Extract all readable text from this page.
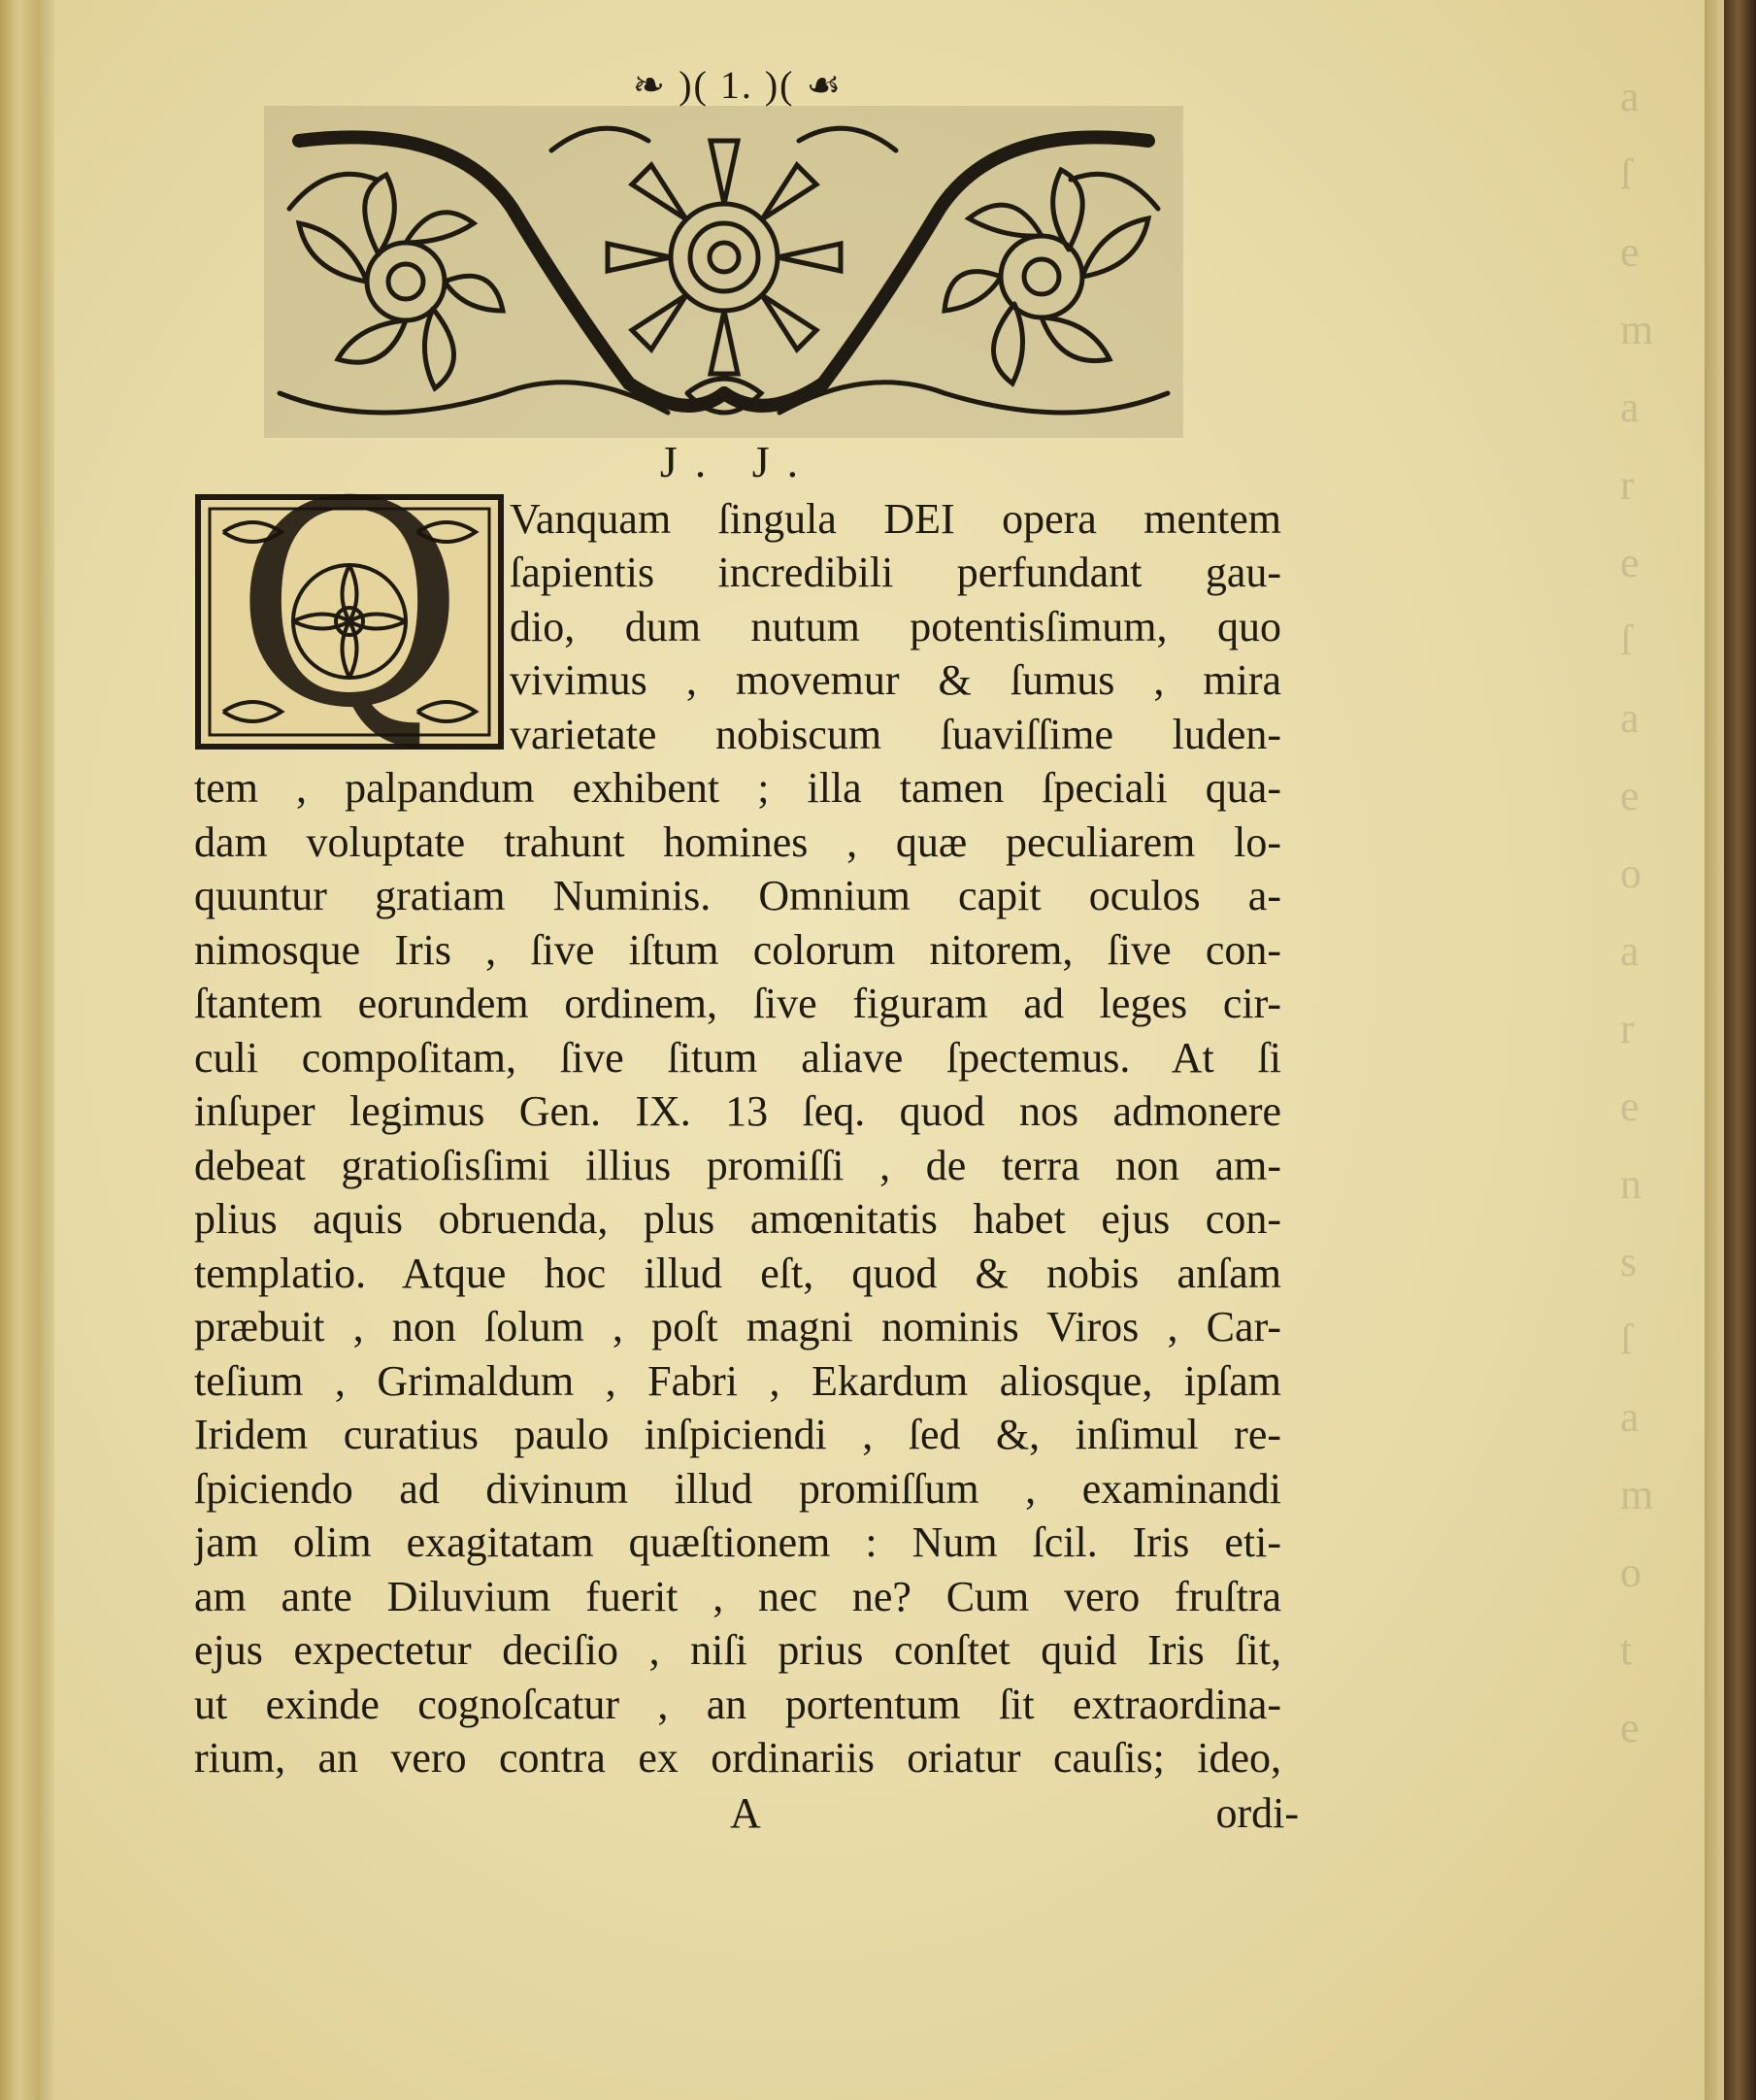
❧ )( 1. )( ☙
J. J.
Q	Vanquam ſingula DEI opera mentem
ſapientis incredibili perfundant gau-
dio, dum nutum potentisſimum, quo
vivimus , movemur & ſumus , mira
varietate nobiscum ſuaviſſime luden-
tem , palpandum exhibent ; illa tamen ſpeciali qua-
dam voluptate trahunt homines , quæ peculiarem lo-
quuntur gratiam Numinis. Omnium capit oculos a-
nimosque Iris , ſive iſtum colorum nitorem, ſive con-
ſtantem eorundem ordinem, ſive figuram ad leges cir-
culi compoſitam, ſive ſitum aliave ſpectemus. At ſi
inſuper legimus Gen. IX. 13 ſeq. quod nos admonere
debeat gratioſisſimi illius promiſſi , de terra non am-
plius aquis obruenda, plus amœnitatis habet ejus con-
templatio. Atque hoc illud eſt, quod & nobis anſam
præbuit , non ſolum , poſt magni nominis Viros , Car-
teſium , Grimaldum , Fabri , Ekardum aliosque, ipſam
Iridem curatius paulo inſpiciendi , ſed &, inſimul re-
ſpiciendo ad divinum illud promiſſum , examinandi
jam olim exagitatam quæſtionem : Num ſcil. Iris eti-
am ante Diluvium fuerit , nec ne? Cum vero fruſtra
ejus expectetur deciſio , niſi prius conſtet quid Iris ſit,
ut exinde cognoſcatur , an portentum ſit extraordina-
rium, an vero contra ex ordinariis oriatur cauſis; ideo,
A	ordi-
